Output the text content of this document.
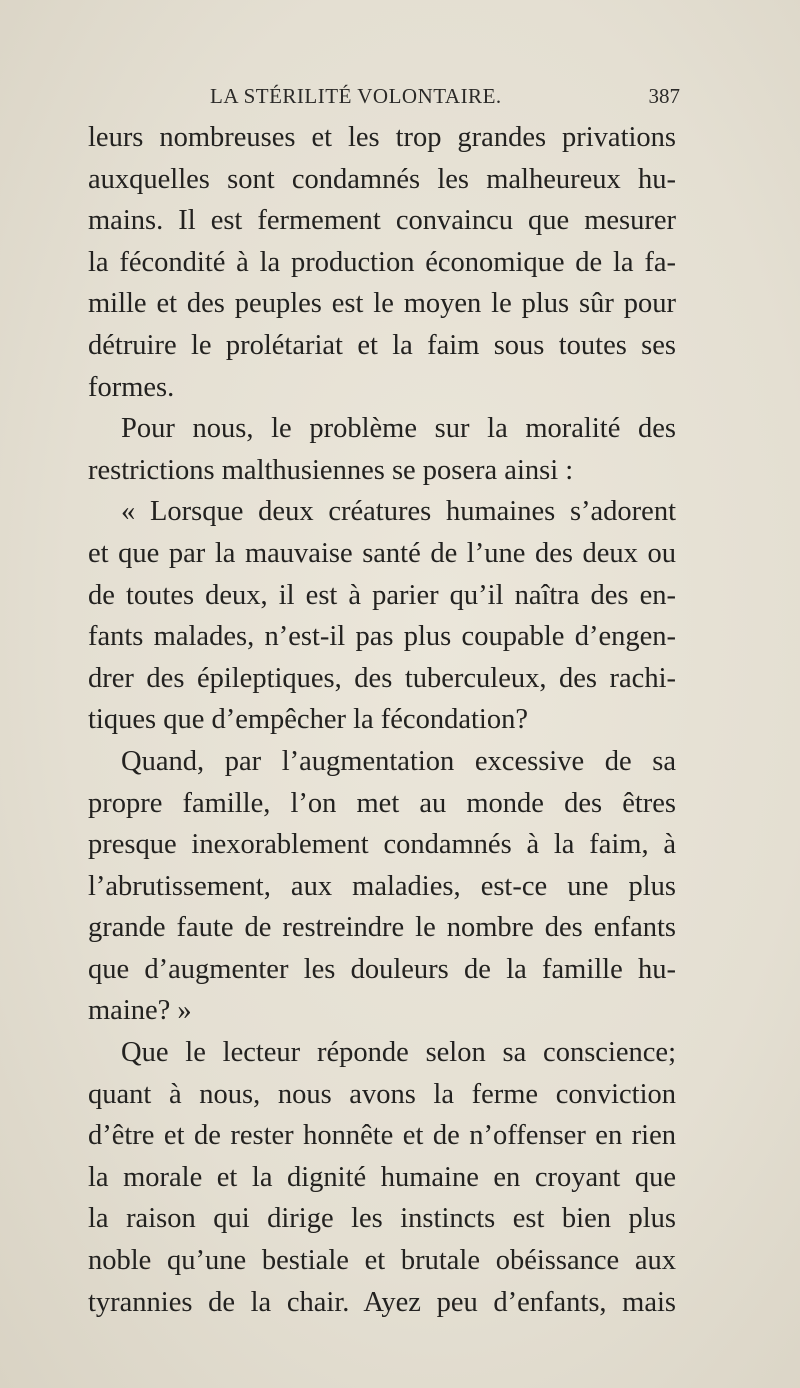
LA STÉRILITÉ VOLONTAIRE.	387
leurs nombreuses et les trop grandes privations
auxquelles sont condamnés les malheureux hu-
mains. Il est fermement convaincu que mesurer
la fécondité à la production économique de la fa-
mille et des peuples est le moyen le plus sûr pour
détruire le prolétariat et la faim sous toutes ses
formes.
Pour nous, le problème sur la moralité des
restrictions malthusiennes se posera ainsi :
« Lorsque deux créatures humaines s’adorent
et que par la mauvaise santé de l’une des deux ou
de toutes deux, il est à parier qu’il naîtra des en-
fants malades, n’est-il pas plus coupable d’engen-
drer des épileptiques, des tuberculeux, des rachi-
tiques que d’empêcher la fécondation?
Quand, par l’augmentation excessive de sa
propre famille, l’on met au monde des êtres
presque inexorablement condamnés à la faim, à
l’abrutissement, aux maladies, est-ce une plus
grande faute de restreindre le nombre des enfants
que d’augmenter les douleurs de la famille hu-
maine? »
Que le lecteur réponde selon sa conscience;
quant à nous, nous avons la ferme conviction
d’être et de rester honnête et de n’offenser en rien
la morale et la dignité humaine en croyant que
la raison qui dirige les instincts est bien plus
noble qu’une bestiale et brutale obéissance aux
tyrannies de la chair. Ayez peu d’enfants, mais
